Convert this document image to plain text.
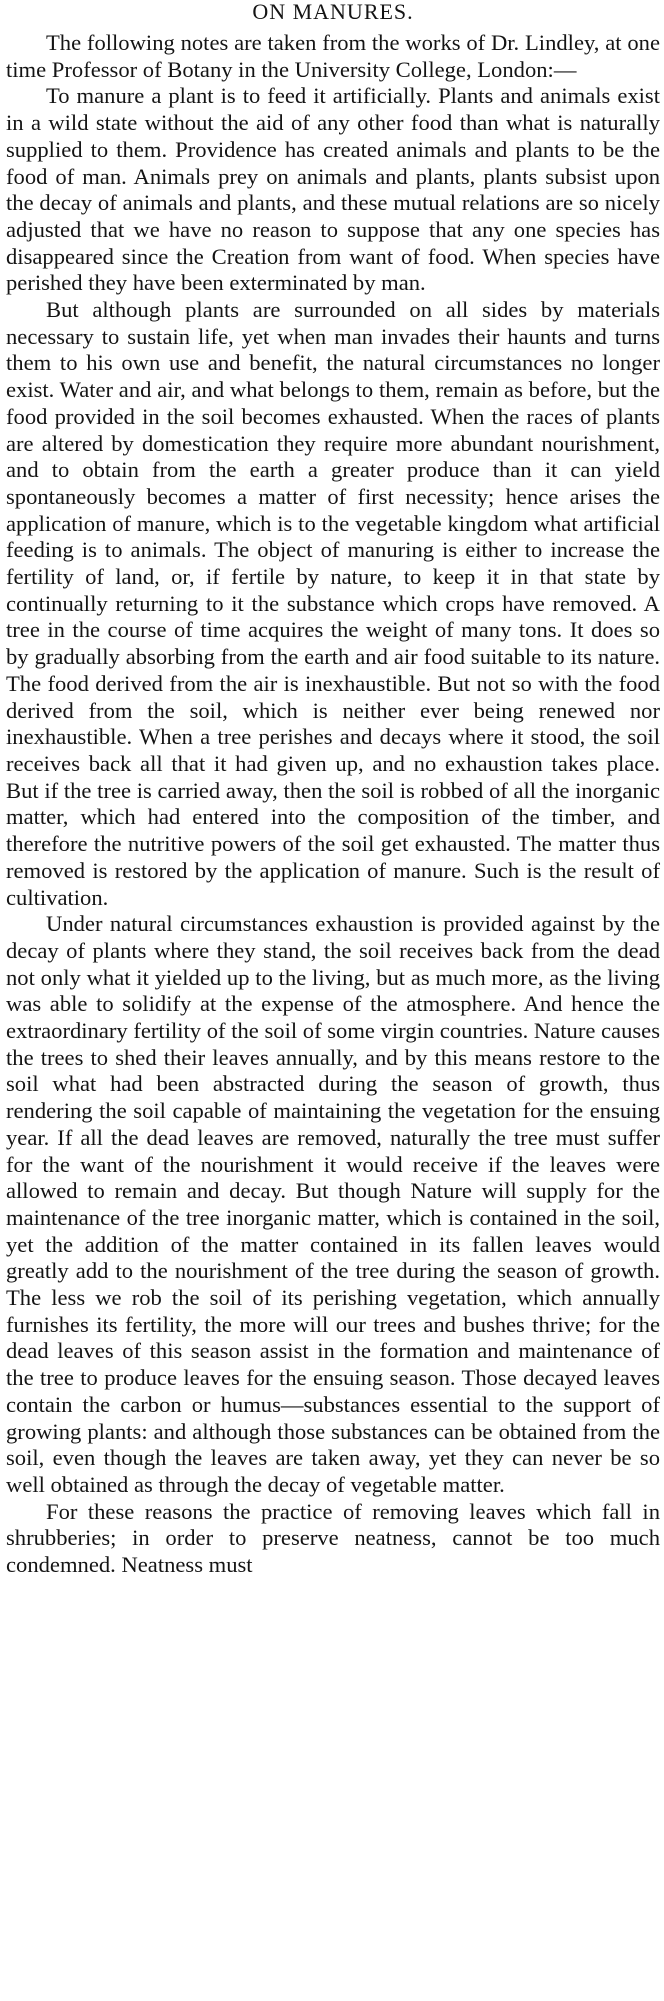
ON MANURES.

The following notes are taken from the works of Dr. Lindley, at one time Professor of Botany in the University College, London:—

To manure a plant is to feed it artificially. Plants and animals exist in a wild state without the aid of any other food than what is naturally supplied to them. Providence has created animals and plants to be the food of man. Animals prey on animals and plants, plants subsist upon the decay of animals and plants, and these mutual relations are so nicely adjusted that we have no reason to suppose that any one species has disappeared since the Creation from want of food. When species have perished they have been exterminated by man.

But although plants are surrounded on all sides by materials necessary to sustain life, yet when man invades their haunts and turns them to his own use and benefit, the natural circumstances no longer exist. Water and air, and what belongs to them, remain as before, but the food provided in the soil becomes exhausted. When the races of plants are altered by domestication they require more abundant nourishment, and to obtain from the earth a greater produce than it can yield spontaneously becomes a matter of first necessity; hence arises the application of manure, which is to the vegetable kingdom what artificial feeding is to animals. The object of manuring is either to increase the fertility of land, or, if fertile by nature, to keep it in that state by continually returning to it the substance which crops have removed. A tree in the course of time acquires the weight of many tons. It does so by gradually absorbing from the earth and air food suitable to its nature. The food derived from the air is inexhaustible. But not so with the food derived from the soil, which is neither ever being renewed nor inexhaustible. When a tree perishes and decays where it stood, the soil receives back all that it had given up, and no exhaustion takes place. But if the tree is carried away, then the soil is robbed of all the inorganic matter, which had entered into the composition of the timber, and therefore the nutritive powers of the soil get exhausted. The matter thus removed is restored by the application of manure. Such is the result of cultivation.

Under natural circumstances exhaustion is provided against by the decay of plants where they stand, the soil receives back from the dead not only what it yielded up to the living, but as much more, as the living was able to solidify at the expense of the atmosphere. And hence the extraordinary fertility of the soil of some virgin countries. Nature causes the trees to shed their leaves annually, and by this means restore to the soil what had been abstracted during the season of growth, thus rendering the soil capable of maintaining the vegetation for the ensuing year. If all the dead leaves are removed, naturally the tree must suffer for the want of the nourishment it would receive if the leaves were allowed to remain and decay. But though Nature will supply for the maintenance of the tree inorganic matter, which is contained in the soil, yet the addition of the matter contained in its fallen leaves would greatly add to the nourishment of the tree during the season of growth. The less we rob the soil of its perishing vegetation, which annually furnishes its fertility, the more will our trees and bushes thrive; for the dead leaves of this season assist in the formation and maintenance of the tree to produce leaves for the ensuing season. Those decayed leaves contain the carbon or humus—substances essential to the support of growing plants: and although those substances can be obtained from the soil, even though the leaves are taken away, yet they can never be so well obtained as through the decay of vegetable matter.

For these reasons the practice of removing leaves which fall in shrubberies; in order to preserve neatness, cannot be too much condemned. Neatness must
